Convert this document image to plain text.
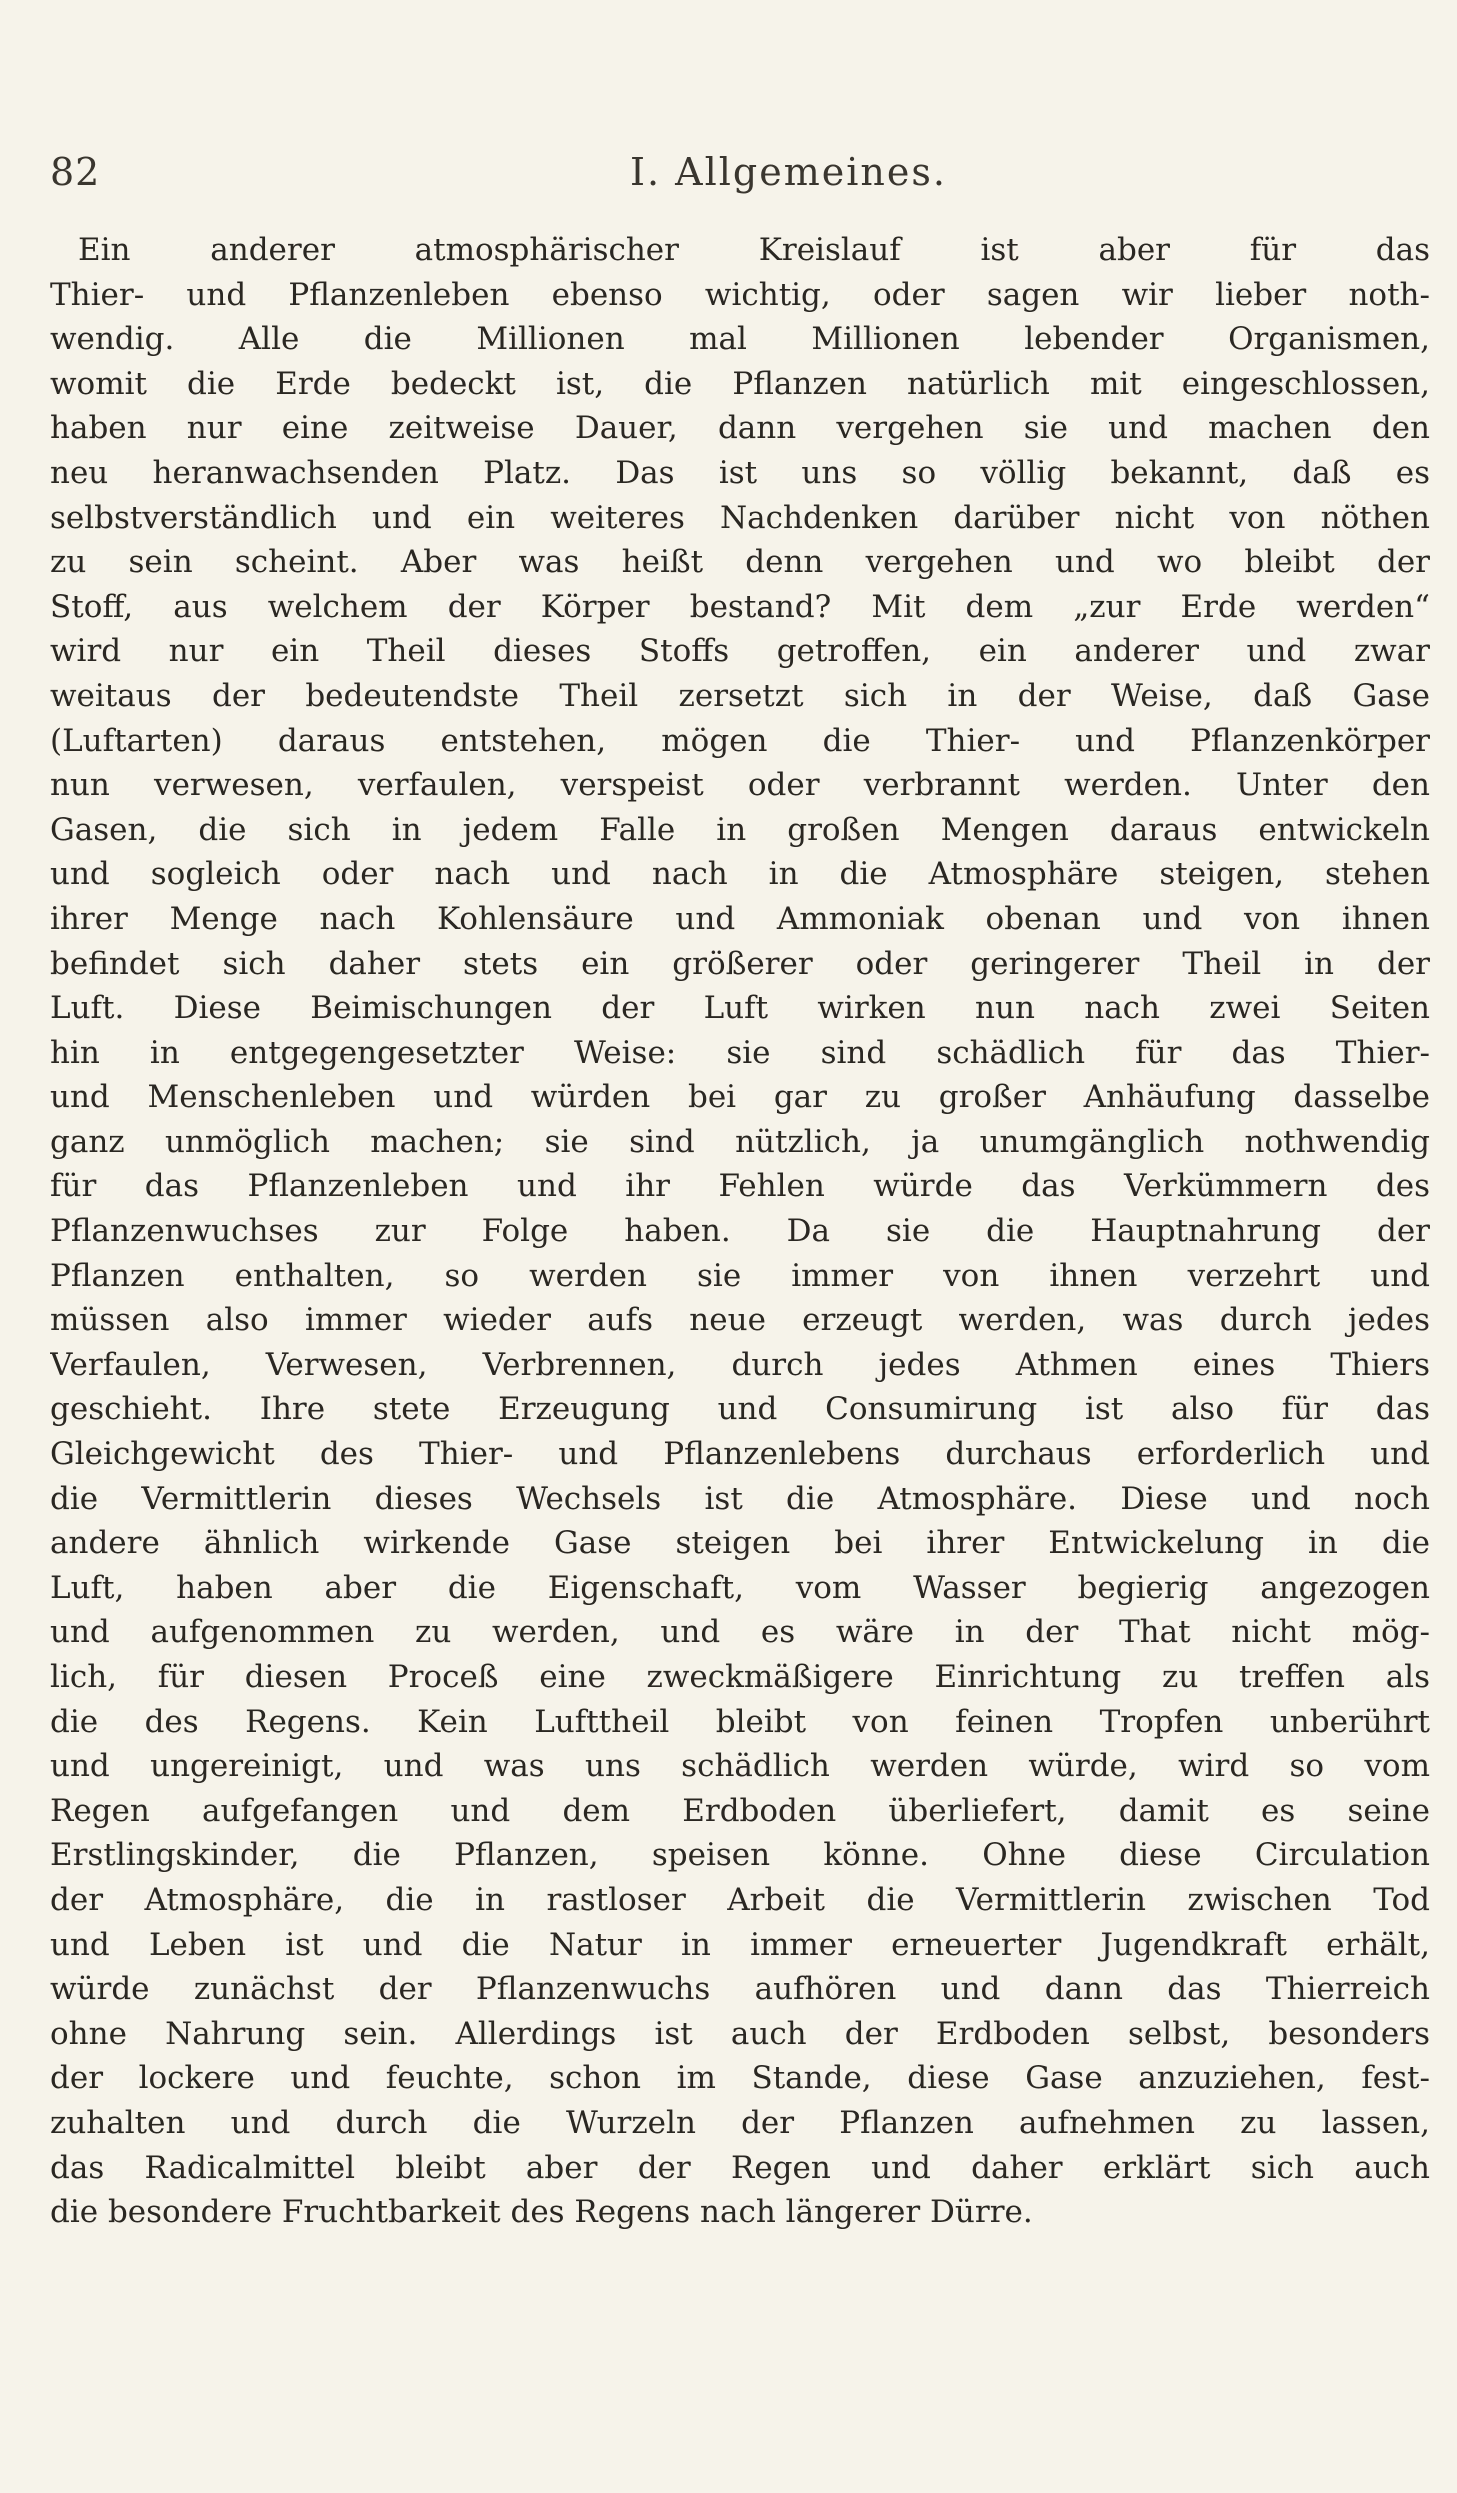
82	I. Allgemeines.
Ein anderer atmosphärischer Kreislauf ist aber für das
Thier- und Pflanzenleben ebenso wichtig, oder sagen wir lieber noth-
wendig. Alle die Millionen mal Millionen lebender Organismen,
womit die Erde bedeckt ist, die Pflanzen natürlich mit eingeschlossen,
haben nur eine zeitweise Dauer, dann vergehen sie und machen den
neu heranwachsenden Platz. Das ist uns so völlig bekannt, daß es
selbstverständlich und ein weiteres Nachdenken darüber nicht von nöthen
zu sein scheint. Aber was heißt denn vergehen und wo bleibt der
Stoff, aus welchem der Körper bestand? Mit dem „zur Erde werden“
wird nur ein Theil dieses Stoffs getroffen, ein anderer und zwar
weitaus der bedeutendste Theil zersetzt sich in der Weise, daß Gase
(Luftarten) daraus entstehen, mögen die Thier- und Pflanzenkörper
nun verwesen, verfaulen, verspeist oder verbrannt werden. Unter den
Gasen, die sich in jedem Falle in großen Mengen daraus entwickeln
und sogleich oder nach und nach in die Atmosphäre steigen, stehen
ihrer Menge nach Kohlensäure und Ammoniak obenan und von ihnen
befindet sich daher stets ein größerer oder geringerer Theil in der
Luft. Diese Beimischungen der Luft wirken nun nach zwei Seiten
hin in entgegengesetzter Weise: sie sind schädlich für das Thier-
und Menschenleben und würden bei gar zu großer Anhäufung dasselbe
ganz unmöglich machen; sie sind nützlich, ja unumgänglich nothwendig
für das Pflanzenleben und ihr Fehlen würde das Verkümmern des
Pflanzenwuchses zur Folge haben. Da sie die Hauptnahrung der
Pflanzen enthalten, so werden sie immer von ihnen verzehrt und
müssen also immer wieder aufs neue erzeugt werden, was durch jedes
Verfaulen, Verwesen, Verbrennen, durch jedes Athmen eines Thiers
geschieht. Ihre stete Erzeugung und Consumirung ist also für das
Gleichgewicht des Thier- und Pflanzenlebens durchaus erforderlich und
die Vermittlerin dieses Wechsels ist die Atmosphäre. Diese und noch
andere ähnlich wirkende Gase steigen bei ihrer Entwickelung in die
Luft, haben aber die Eigenschaft, vom Wasser begierig angezogen
und aufgenommen zu werden, und es wäre in der That nicht mög-
lich, für diesen Proceß eine zweckmäßigere Einrichtung zu treffen als
die des Regens. Kein Lufttheil bleibt von feinen Tropfen unberührt
und ungereinigt, und was uns schädlich werden würde, wird so vom
Regen aufgefangen und dem Erdboden überliefert, damit es seine
Erstlingskinder, die Pflanzen, speisen könne. Ohne diese Circulation
der Atmosphäre, die in rastloser Arbeit die Vermittlerin zwischen Tod
und Leben ist und die Natur in immer erneuerter Jugendkraft erhält,
würde zunächst der Pflanzenwuchs aufhören und dann das Thierreich
ohne Nahrung sein. Allerdings ist auch der Erdboden selbst, besonders
der lockere und feuchte, schon im Stande, diese Gase anzuziehen, fest-
zuhalten und durch die Wurzeln der Pflanzen aufnehmen zu lassen,
das Radicalmittel bleibt aber der Regen und daher erklärt sich auch
die besondere Fruchtbarkeit des Regens nach längerer Dürre.
